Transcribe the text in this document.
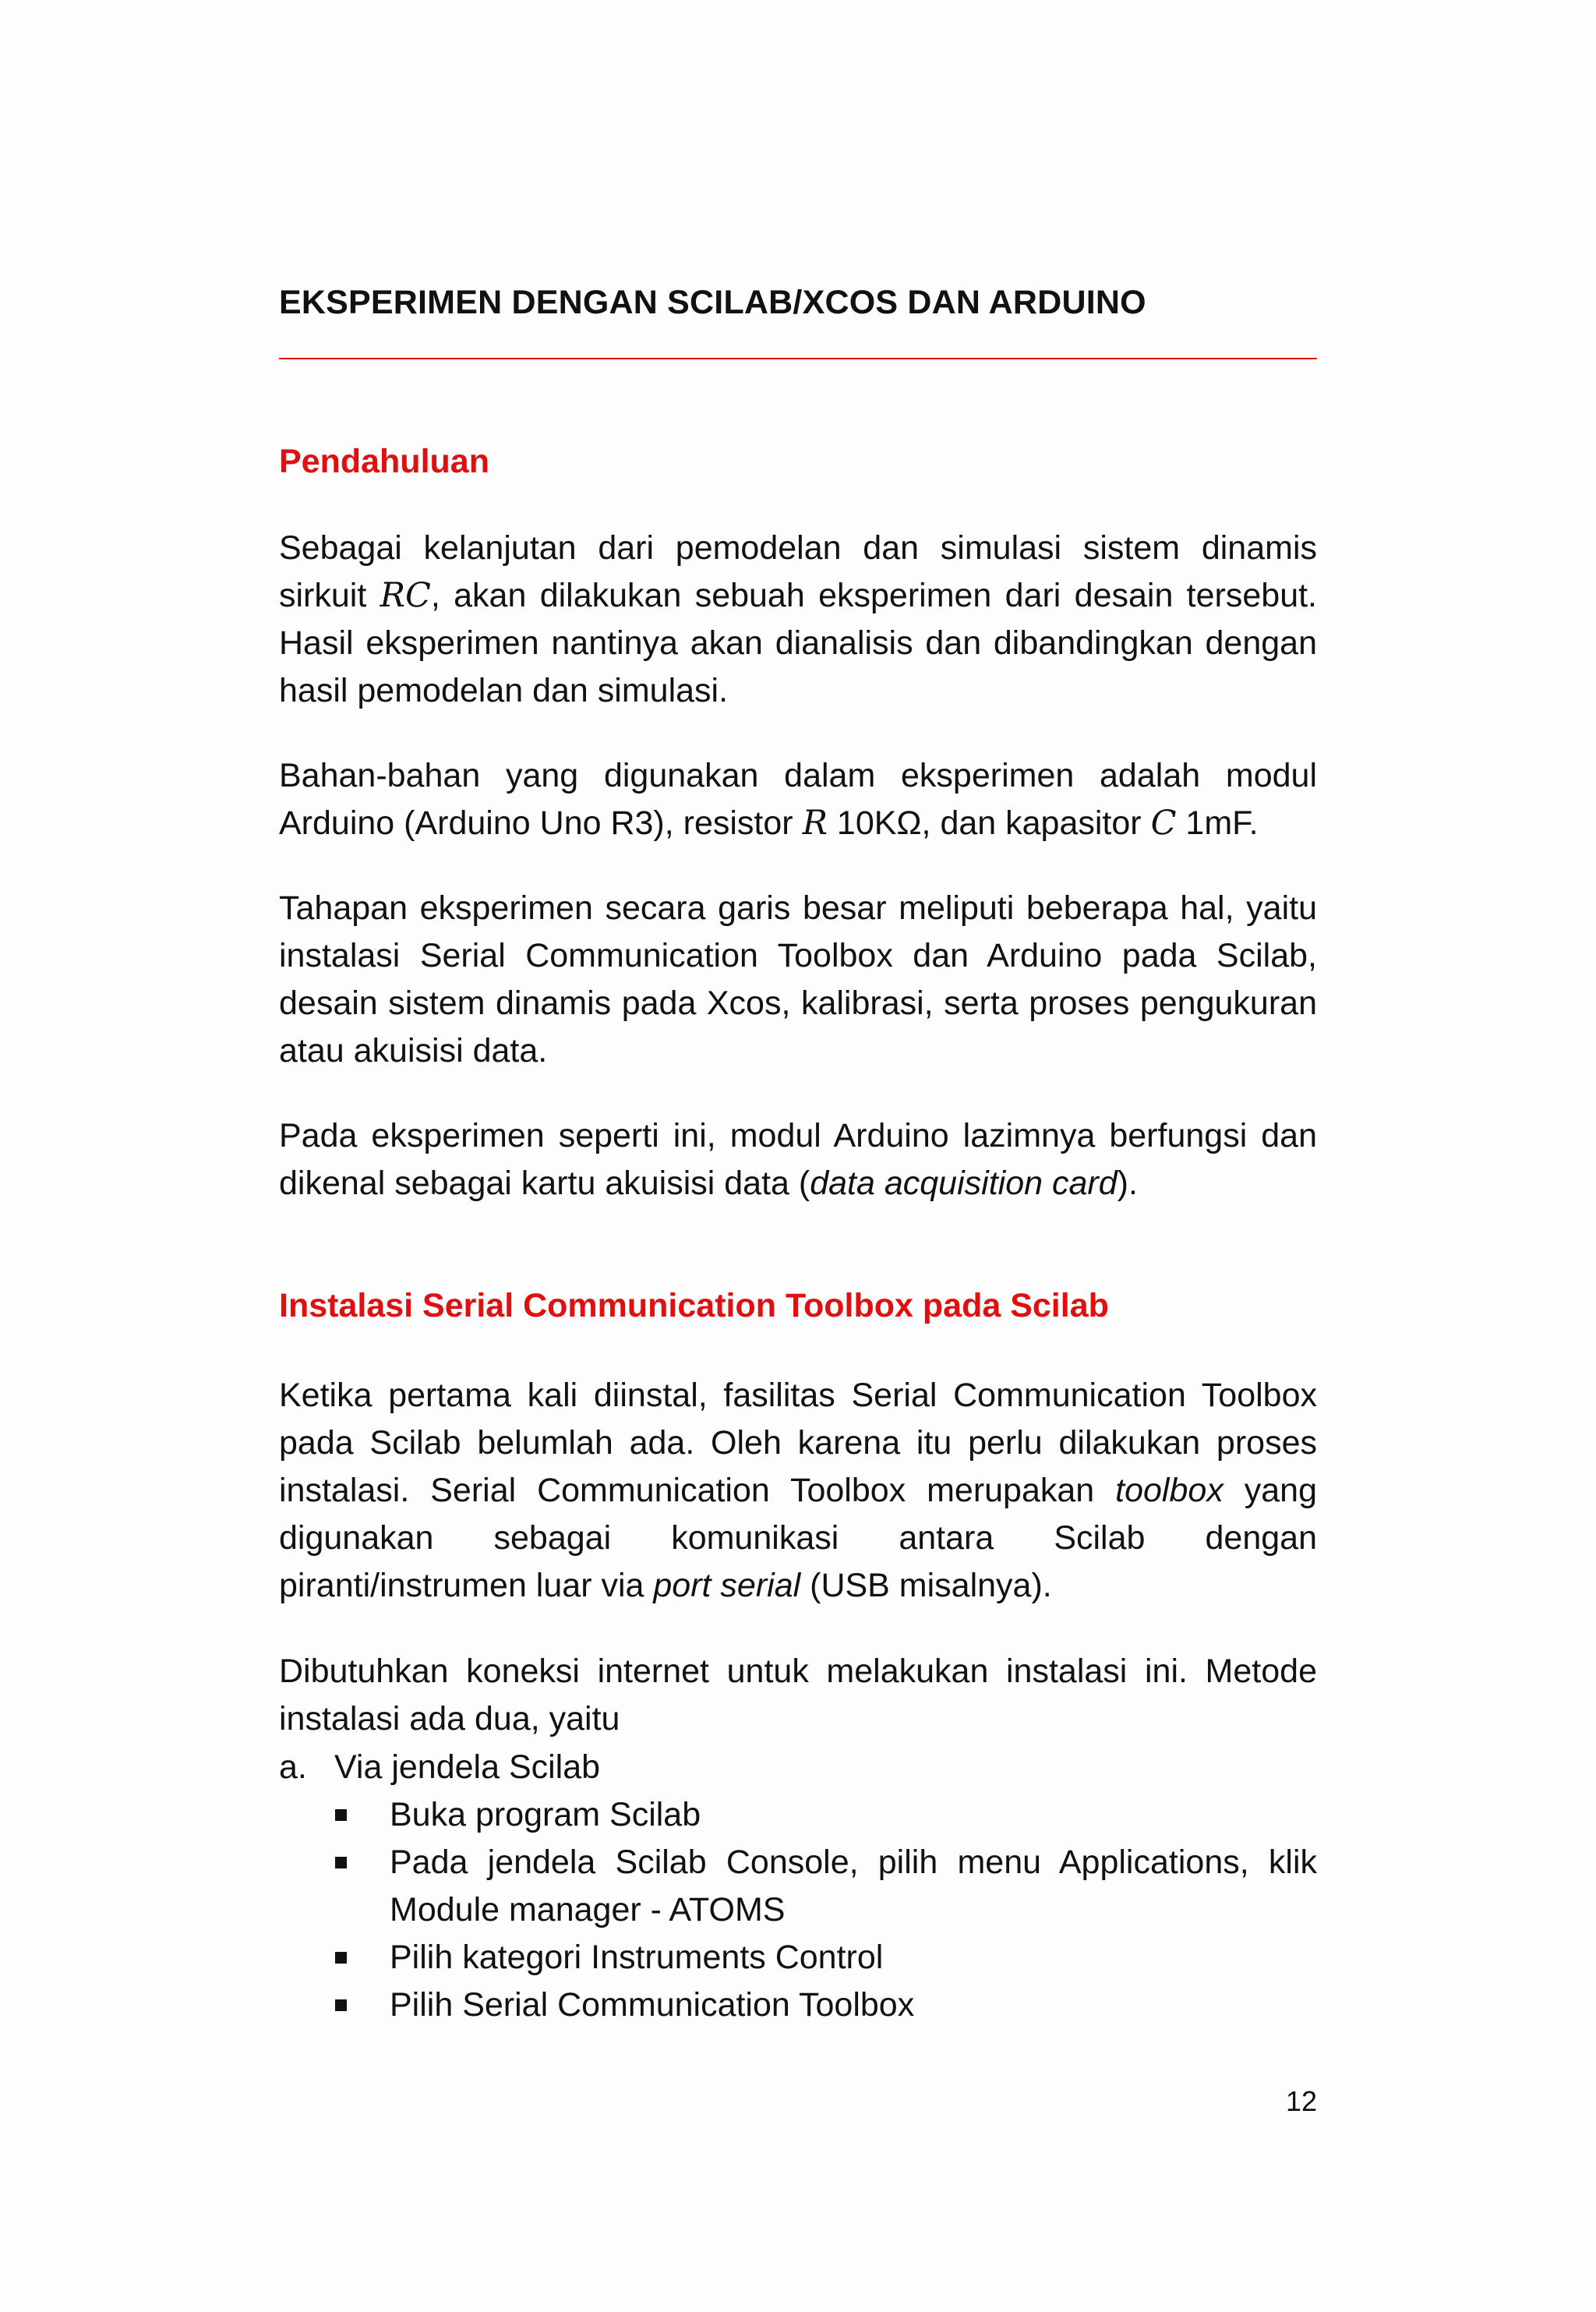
EKSPERIMEN DENGAN SCILAB/XCOS DAN ARDUINO
Pendahuluan

Sebagai kelanjutan dari pemodelan dan simulasi sistem dinamis sirkuit RC, akan dilakukan sebuah eksperimen dari desain tersebut. Hasil eksperimen nantinya akan dianalisis dan dibandingkan dengan hasil pemodelan dan simulasi.

Bahan-bahan yang digunakan dalam eksperimen adalah modul Arduino (Arduino Uno R3), resistor R 10KΩ, dan kapasitor C 1mF.

Tahapan eksperimen secara garis besar meliputi beberapa hal, yaitu instalasi Serial Communication Toolbox dan Arduino pada Scilab, desain sistem dinamis pada Xcos, kalibrasi, serta proses pengukuran atau akuisisi data.

Pada eksperimen seperti ini, modul Arduino lazimnya berfungsi dan dikenal sebagai kartu akuisisi data (data acquisition card).

Instalasi Serial Communication Toolbox pada Scilab

Ketika pertama kali diinstal, fasilitas Serial Communication Toolbox pada Scilab belumlah ada. Oleh karena itu perlu dilakukan proses instalasi. Serial Communication Toolbox merupakan toolbox yang digunakan sebagai komunikasi antara Scilab dengan piranti/instrumen luar via port serial (USB misalnya).

Dibutuhkan koneksi internet untuk melakukan instalasi ini. Metode instalasi ada dua, yaitu

a. Via jendela Scilab
Buka program Scilab
Pada jendela Scilab Console, pilih menu Applications, klik Module manager - ATOMS
Pilih kategori Instruments Control
Pilih Serial Communication Toolbox
12
